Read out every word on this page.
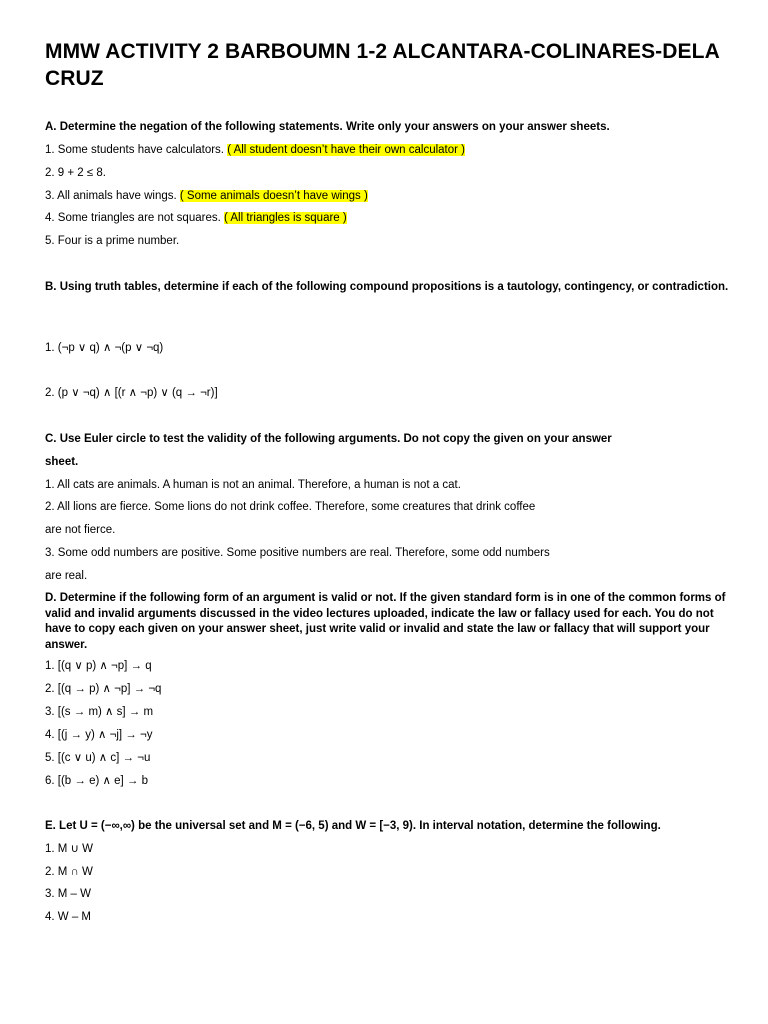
MMW ACTIVITY 2 BARBOUMN 1-2 ALCANTARA-COLINARES-DELA CRUZ
A. Determine the negation of the following statements. Write only your answers on your answer sheets.
1. Some students have calculators. ( All student doesn’t have their own calculator )
2. 9 + 2 ≤ 8.
3. All animals have wings. ( Some animals doesn’t have wings )
4. Some triangles are not squares. ( All triangles is square )
5. Four is a prime number.
B. Using truth tables, determine if each of the following compound propositions is a tautology, contingency, or contradiction.
1. (¬p ∨ q) ∧ ¬(p ∨ ¬q)
2. (p ∨ ¬q) ∧ [(r ∧ ¬p) ∨ (q → ¬r)]
C. Use Euler circle to test the validity of the following arguments. Do not copy the given on your answer
sheet.
1. All cats are animals. A human is not an animal. Therefore, a human is not a cat.
2. All lions are fierce. Some lions do not drink coffee. Therefore, some creatures that drink coffee
are not fierce.
3. Some odd numbers are positive. Some positive numbers are real. Therefore, some odd numbers
are real.
D. Determine if the following form of an argument is valid or not. If the given standard form is in one of the common forms of valid and invalid arguments discussed in the video lectures uploaded, indicate the law or fallacy used for each. You do not have to copy each given on your answer sheet, just write valid or invalid and state the law or fallacy that will support your answer.
1. [(q ∨ p) ∧ ¬p] → q
2. [(q → p) ∧ ¬p] → ¬q
3. [(s → m) ∧ s] → m
4. [(j → y) ∧ ¬j] → ¬y
5. [(c ∨ u) ∧ c] → ¬u
6. [(b → e) ∧ e] → b
E. Let U = (−∞,∞) be the universal set and M = (−6, 5) and W = [−3, 9). In interval notation, determine the following.
1. M ∪ W
2. M ∩ W
3. M – W
4. W – M
